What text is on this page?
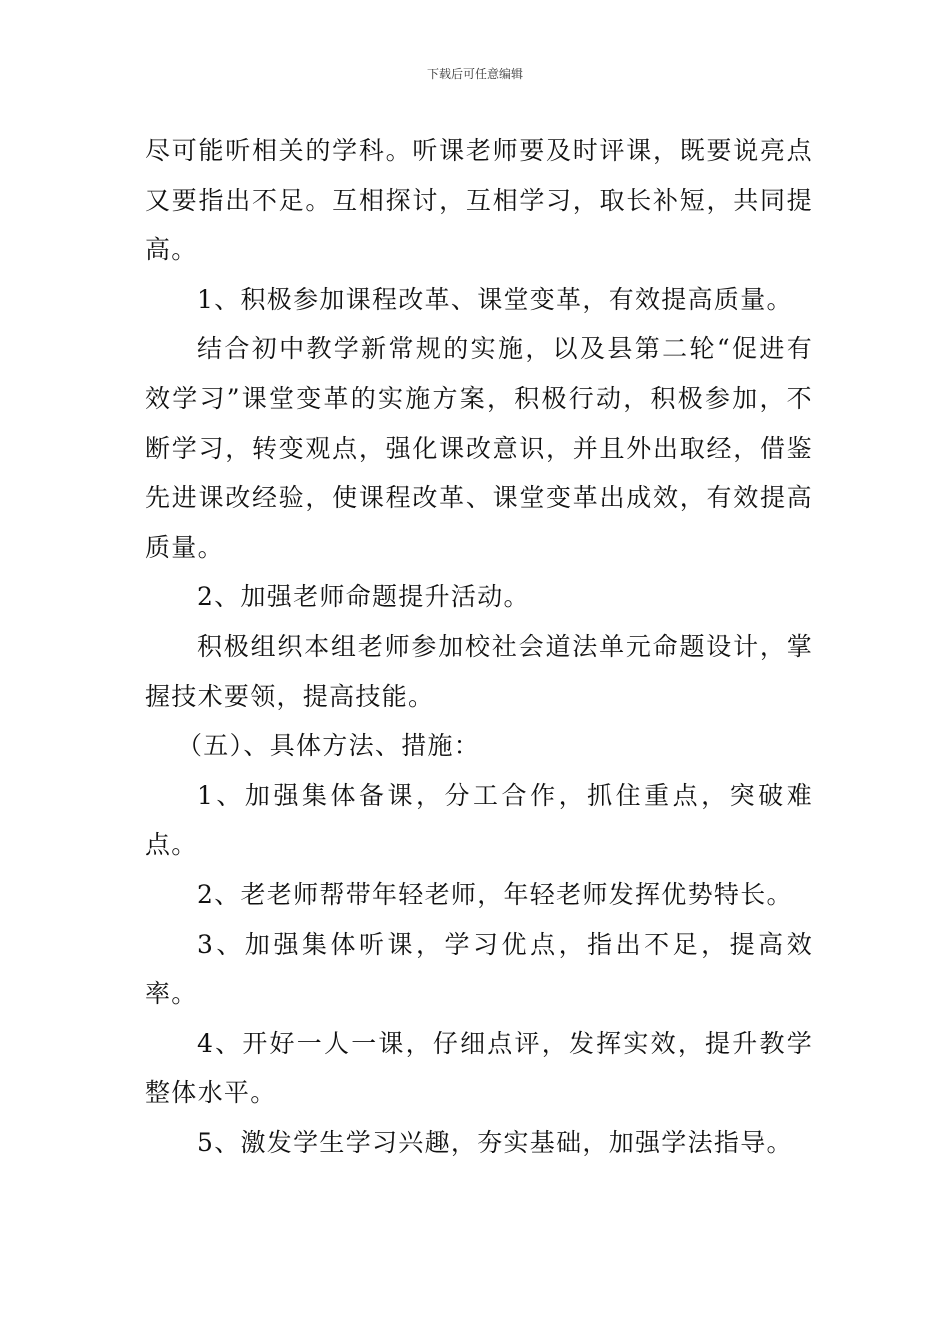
下载后可任意编辑

尽可能听相关的学科。听课老师要及时评课，既要说亮点又要指出不足。互相探讨，互相学习，取长补短，共同提高。

1、积极参加课程改革、课堂变革，有效提高质量。

结合初中教学新常规的实施，以及县第二轮“促进有效学习”课堂变革的实施方案，积极行动，积极参加，不断学习，转变观点，强化课改意识，并且外出取经，借鉴先进课改经验，使课程改革、课堂变革出成效，有效提高质量。

2、加强老师命题提升活动。

积极组织本组老师参加校社会道法单元命题设计，掌握技术要领，提高技能。

（五）、具体方法、措施：

1、加强集体备课，分工合作，抓住重点，突破难点。

2、老老师帮带年轻老师，年轻老师发挥优势特长。

3、加强集体听课，学习优点，指出不足，提高效率。

4、开好一人一课，仔细点评，发挥实效，提升教学整体水平。

5、激发学生学习兴趣，夯实基础，加强学法指导。
